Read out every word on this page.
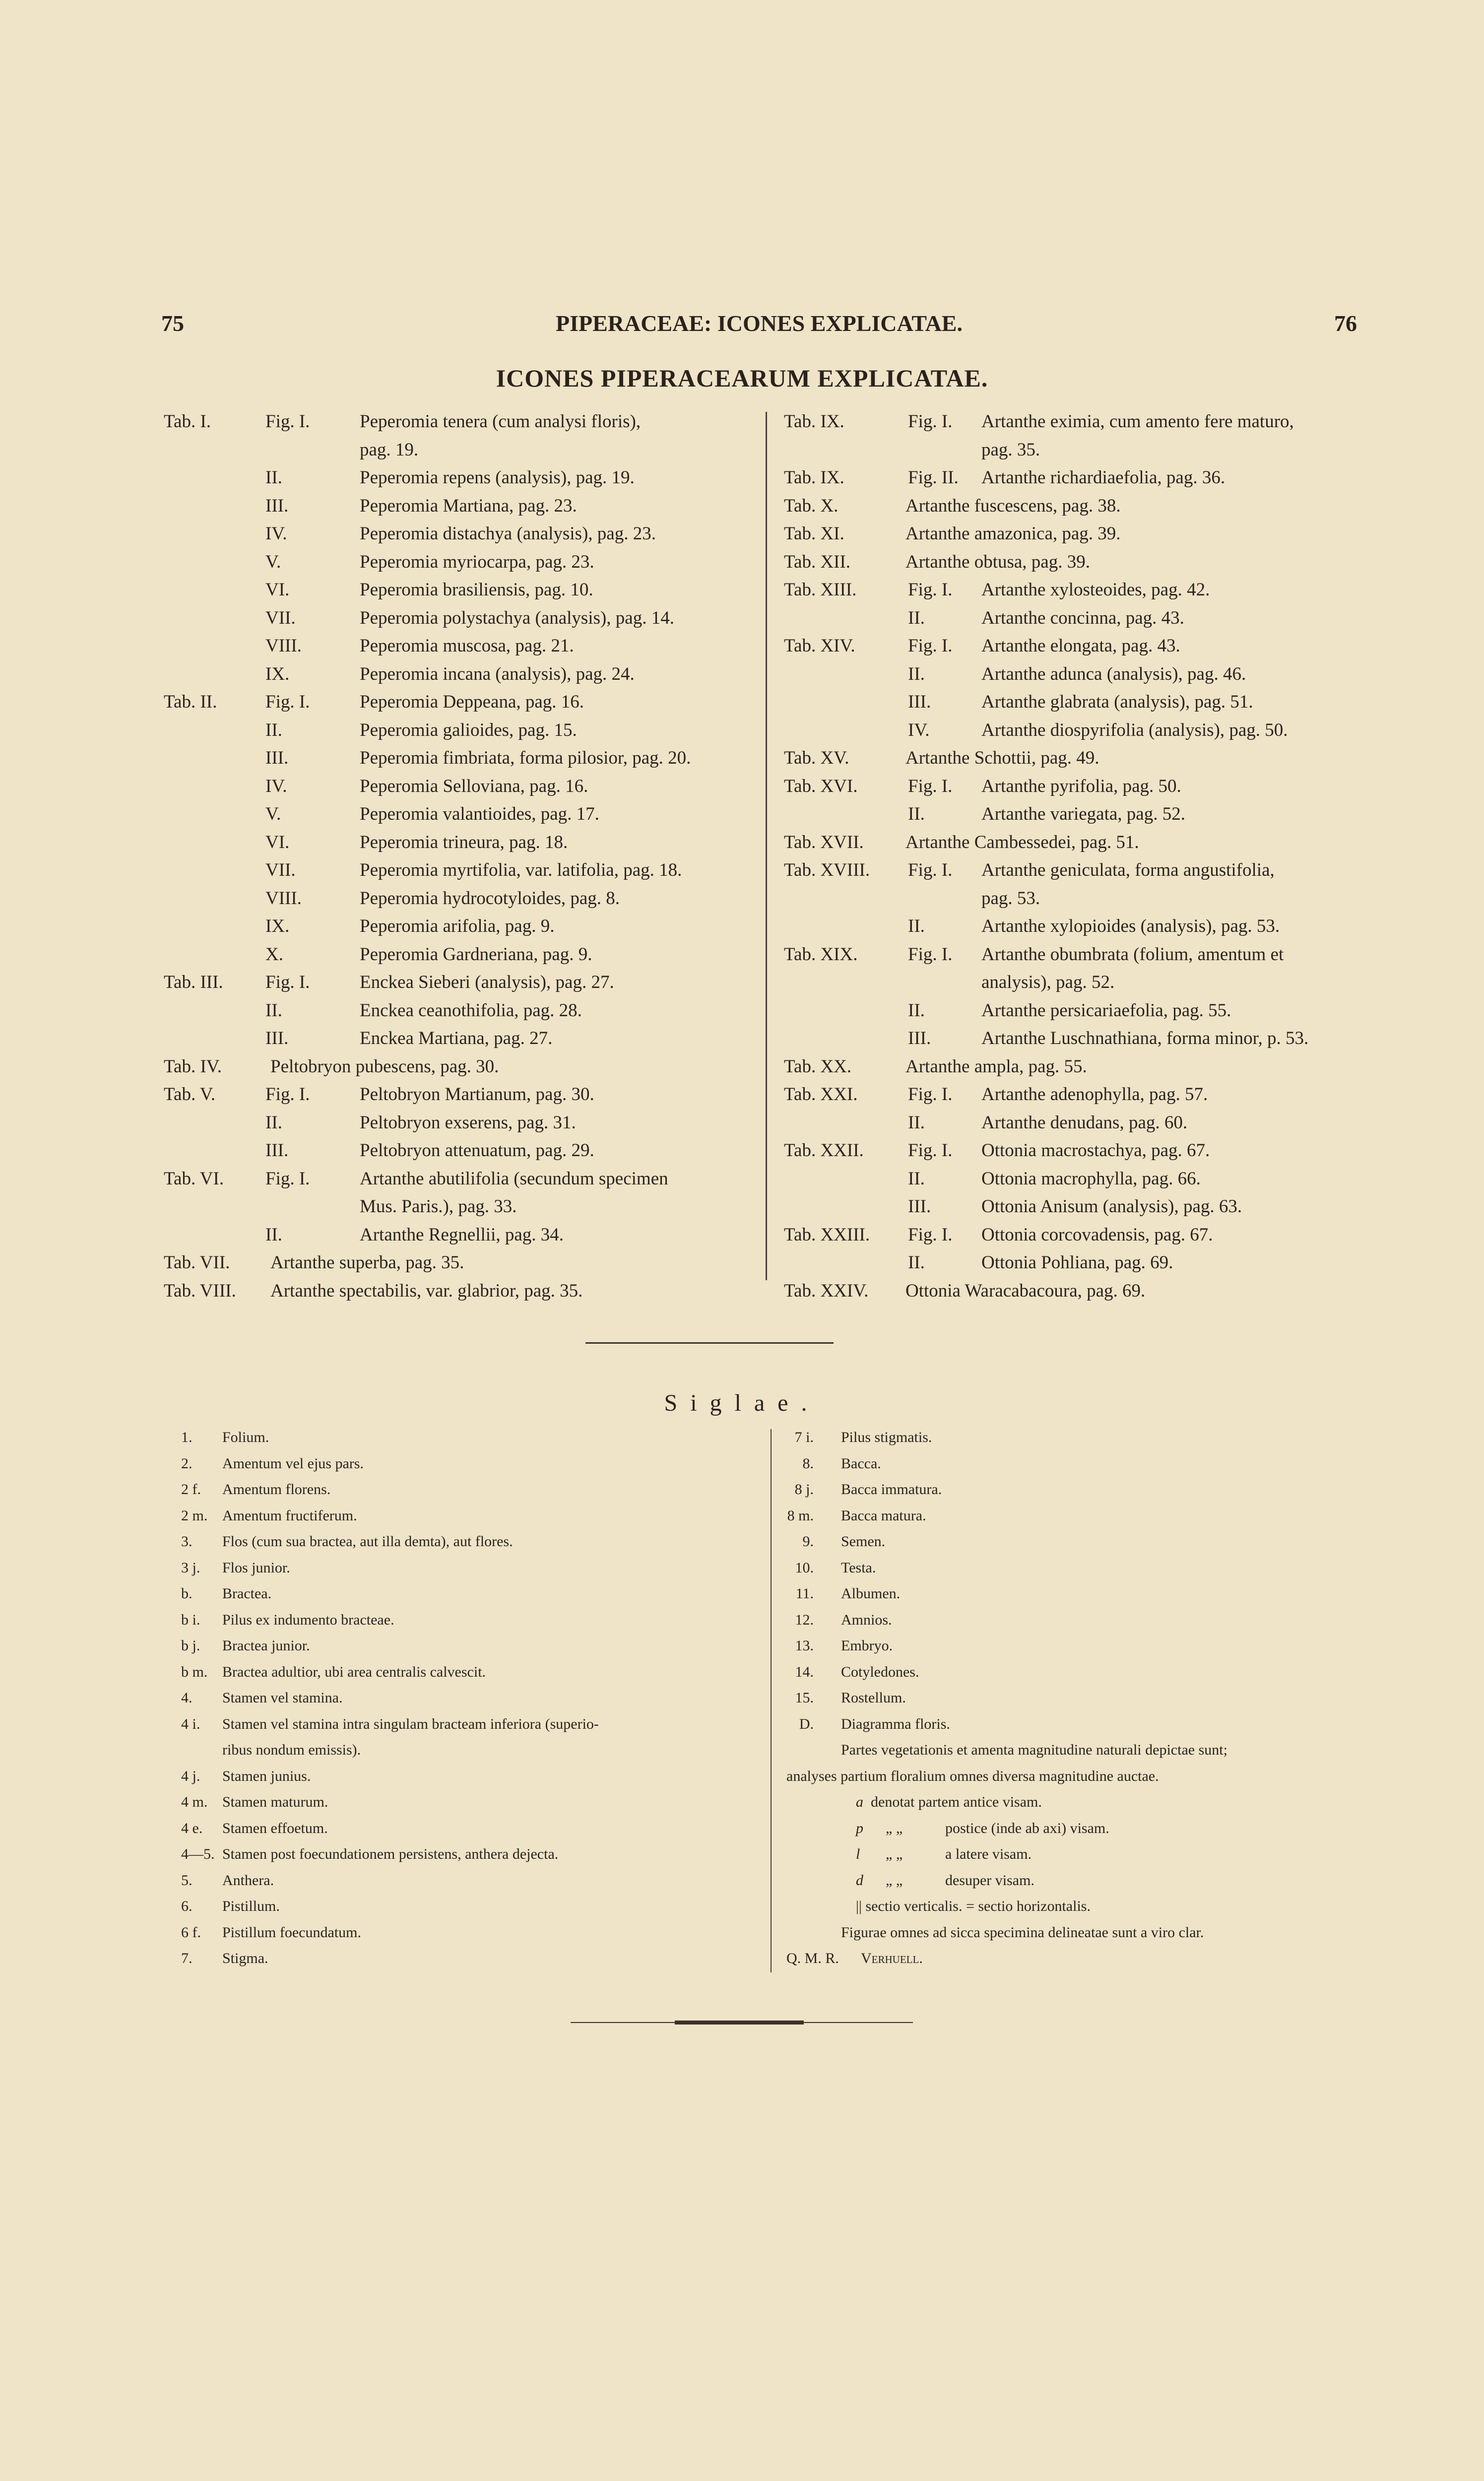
75	PIPERACEAE: ICONES EXPLICATAE.	76
ICONES PIPERACEARUM EXPLICATAE.
Tab. I.	Fig. I.	Peperomia tenera (cum analysi floris),
pag. 19.
II.	Peperomia repens (analysis), pag. 19.
III.	Peperomia Martiana, pag. 23.
IV.	Peperomia distachya (analysis), pag. 23.
V.	Peperomia myriocarpa, pag. 23.
VI.	Peperomia brasiliensis, pag. 10.
VII.	Peperomia polystachya (analysis), pag. 14.
VIII.	Peperomia muscosa, pag. 21.
IX.	Peperomia incana (analysis), pag. 24.
Tab. II.	Fig. I.	Peperomia Deppeana, pag. 16.
II.	Peperomia galioides, pag. 15.
III.	Peperomia fimbriata, forma pilosior, pag. 20.
IV.	Peperomia Selloviana, pag. 16.
V.	Peperomia valantioides, pag. 17.
VI.	Peperomia trineura, pag. 18.
VII.	Peperomia myrtifolia, var. latifolia, pag. 18.
VIII.	Peperomia hydrocotyloides, pag. 8.
IX.	Peperomia arifolia, pag. 9.
X.	Peperomia Gardneriana, pag. 9.
Tab. III. Fig. I.	Enckea Sieberi (analysis), pag. 27.
II.	Enckea ceanothifolia, pag. 28.
III.	Enckea Martiana, pag. 27.
Tab. IV.	Peltobryon pubescens, pag. 30.
Tab. V.	Fig. I.	Peltobryon Martianum, pag. 30.
II.	Peltobryon exserens, pag. 31.
III.	Peltobryon attenuatum, pag. 29.
Tab. VI. Fig. I.	Artanthe abutilifolia (secundum specimen
Mus. Paris.), pag. 33.
II.	Artanthe Regnellii, pag. 34.
Tab. VII. Artanthe superba, pag. 35.
Tab. VIII. Artanthe spectabilis, var. glabrior, pag. 35.
Tab. IX.	Fig. I. Artanthe eximia, cum amento fere maturo,
pag. 35.
Tab. IX.	Fig. II. Artanthe richardiaefolia, pag. 36.
Tab. X.	Artanthe fuscescens, pag. 38.
Tab. XI.	Artanthe amazonica, pag. 39.
Tab. XII.	Artanthe obtusa, pag. 39.
Tab. XIII.	Fig. I. Artanthe xylosteoides, pag. 42.
II.	Artanthe concinna, pag. 43.
Tab. XIV.	Fig. I. Artanthe elongata, pag. 43.
II.	Artanthe adunca (analysis), pag. 46.
III.	Artanthe glabrata (analysis), pag. 51.
IV.	Artanthe diospyrifolia (analysis), pag. 50.
Tab. XV.	Artanthe Schottii, pag. 49.
Tab. XVI.	Fig. I. Artanthe pyrifolia, pag. 50.
II.	Artanthe variegata, pag. 52.
Tab. XVII. Artanthe Cambessedei, pag. 51.
Tab. XVIII. Fig. I. Artanthe geniculata, forma angustifolia,
pag. 53.
II.	Artanthe xylopioides (analysis), pag. 53.
Tab. XIX.	Fig. I. Artanthe obumbrata (folium, amentum et
analysis), pag. 52.
II.	Artanthe persicariaefolia, pag. 55.
III.	Artanthe Luschnathiana, forma minor, p. 53.
Tab. XX.	Artanthe ampla, pag. 55.
Tab. XXI.	Fig. I. Artanthe adenophylla, pag. 57.
II.	Artanthe denudans, pag. 60.
Tab. XXII. Fig. I. Ottonia macrostachya, pag. 67.
II.	Ottonia macrophylla, pag. 66.
III.	Ottonia Anisum (analysis), pag. 63.
Tab. XXIII. Fig. I. Ottonia corcovadensis, pag. 67.
II.	Ottonia Pohliana, pag. 69.
Tab. XXIV. Ottonia Waracabacoura, pag. 69.
Siglae.
1. Folium.
2. Amentum vel ejus pars.
2 f. Amentum florens.
2 m. Amentum fructiferum.
3. Flos (cum sua bractea, aut illa demta), aut flores.
3 j. Flos junior.
b. Bractea.
b i. Pilus ex indumento bracteae.
b j. Bractea junior.
b m. Bractea adultior, ubi area centralis calvescit.
4. Stamen vel stamina.
4 i. Stamen vel stamina intra singulam bracteam inferiora (superio-
ribus nondum emissis).
4 j. Stamen junius.
4 m. Stamen maturum.
4 e. Stamen effoetum.
4—5. Stamen post foecundationem persistens, anthera dejecta.
5. Anthera.
6. Pistillum.
6 f. Pistillum foecundatum.
7. Stigma.
7 i. Pilus stigmatis.
8. Bacca.
8 j. Bacca immatura.
8 m. Bacca matura.
9. Semen.
10. Testa.
11. Albumen.
12. Amnios.
13. Embryo.
14. Cotyledones.
15. Rostellum.
D. Diagramma floris.
Partes vegetationis et amenta magnitudine naturali depictae sunt;
analyses partium floralium omnes diversa magnitudine auctae.
a denotat partem antice visam.
p „ „	postice (inde ab axi) visam.
l „ „	a latere visam.
d „ „	desuper visam.
|| sectio verticalis. = sectio horizontalis.
Figurae omnes ad sicca specimina delineatae sunt a viro clar.
Q. M. R. Verhuell.
